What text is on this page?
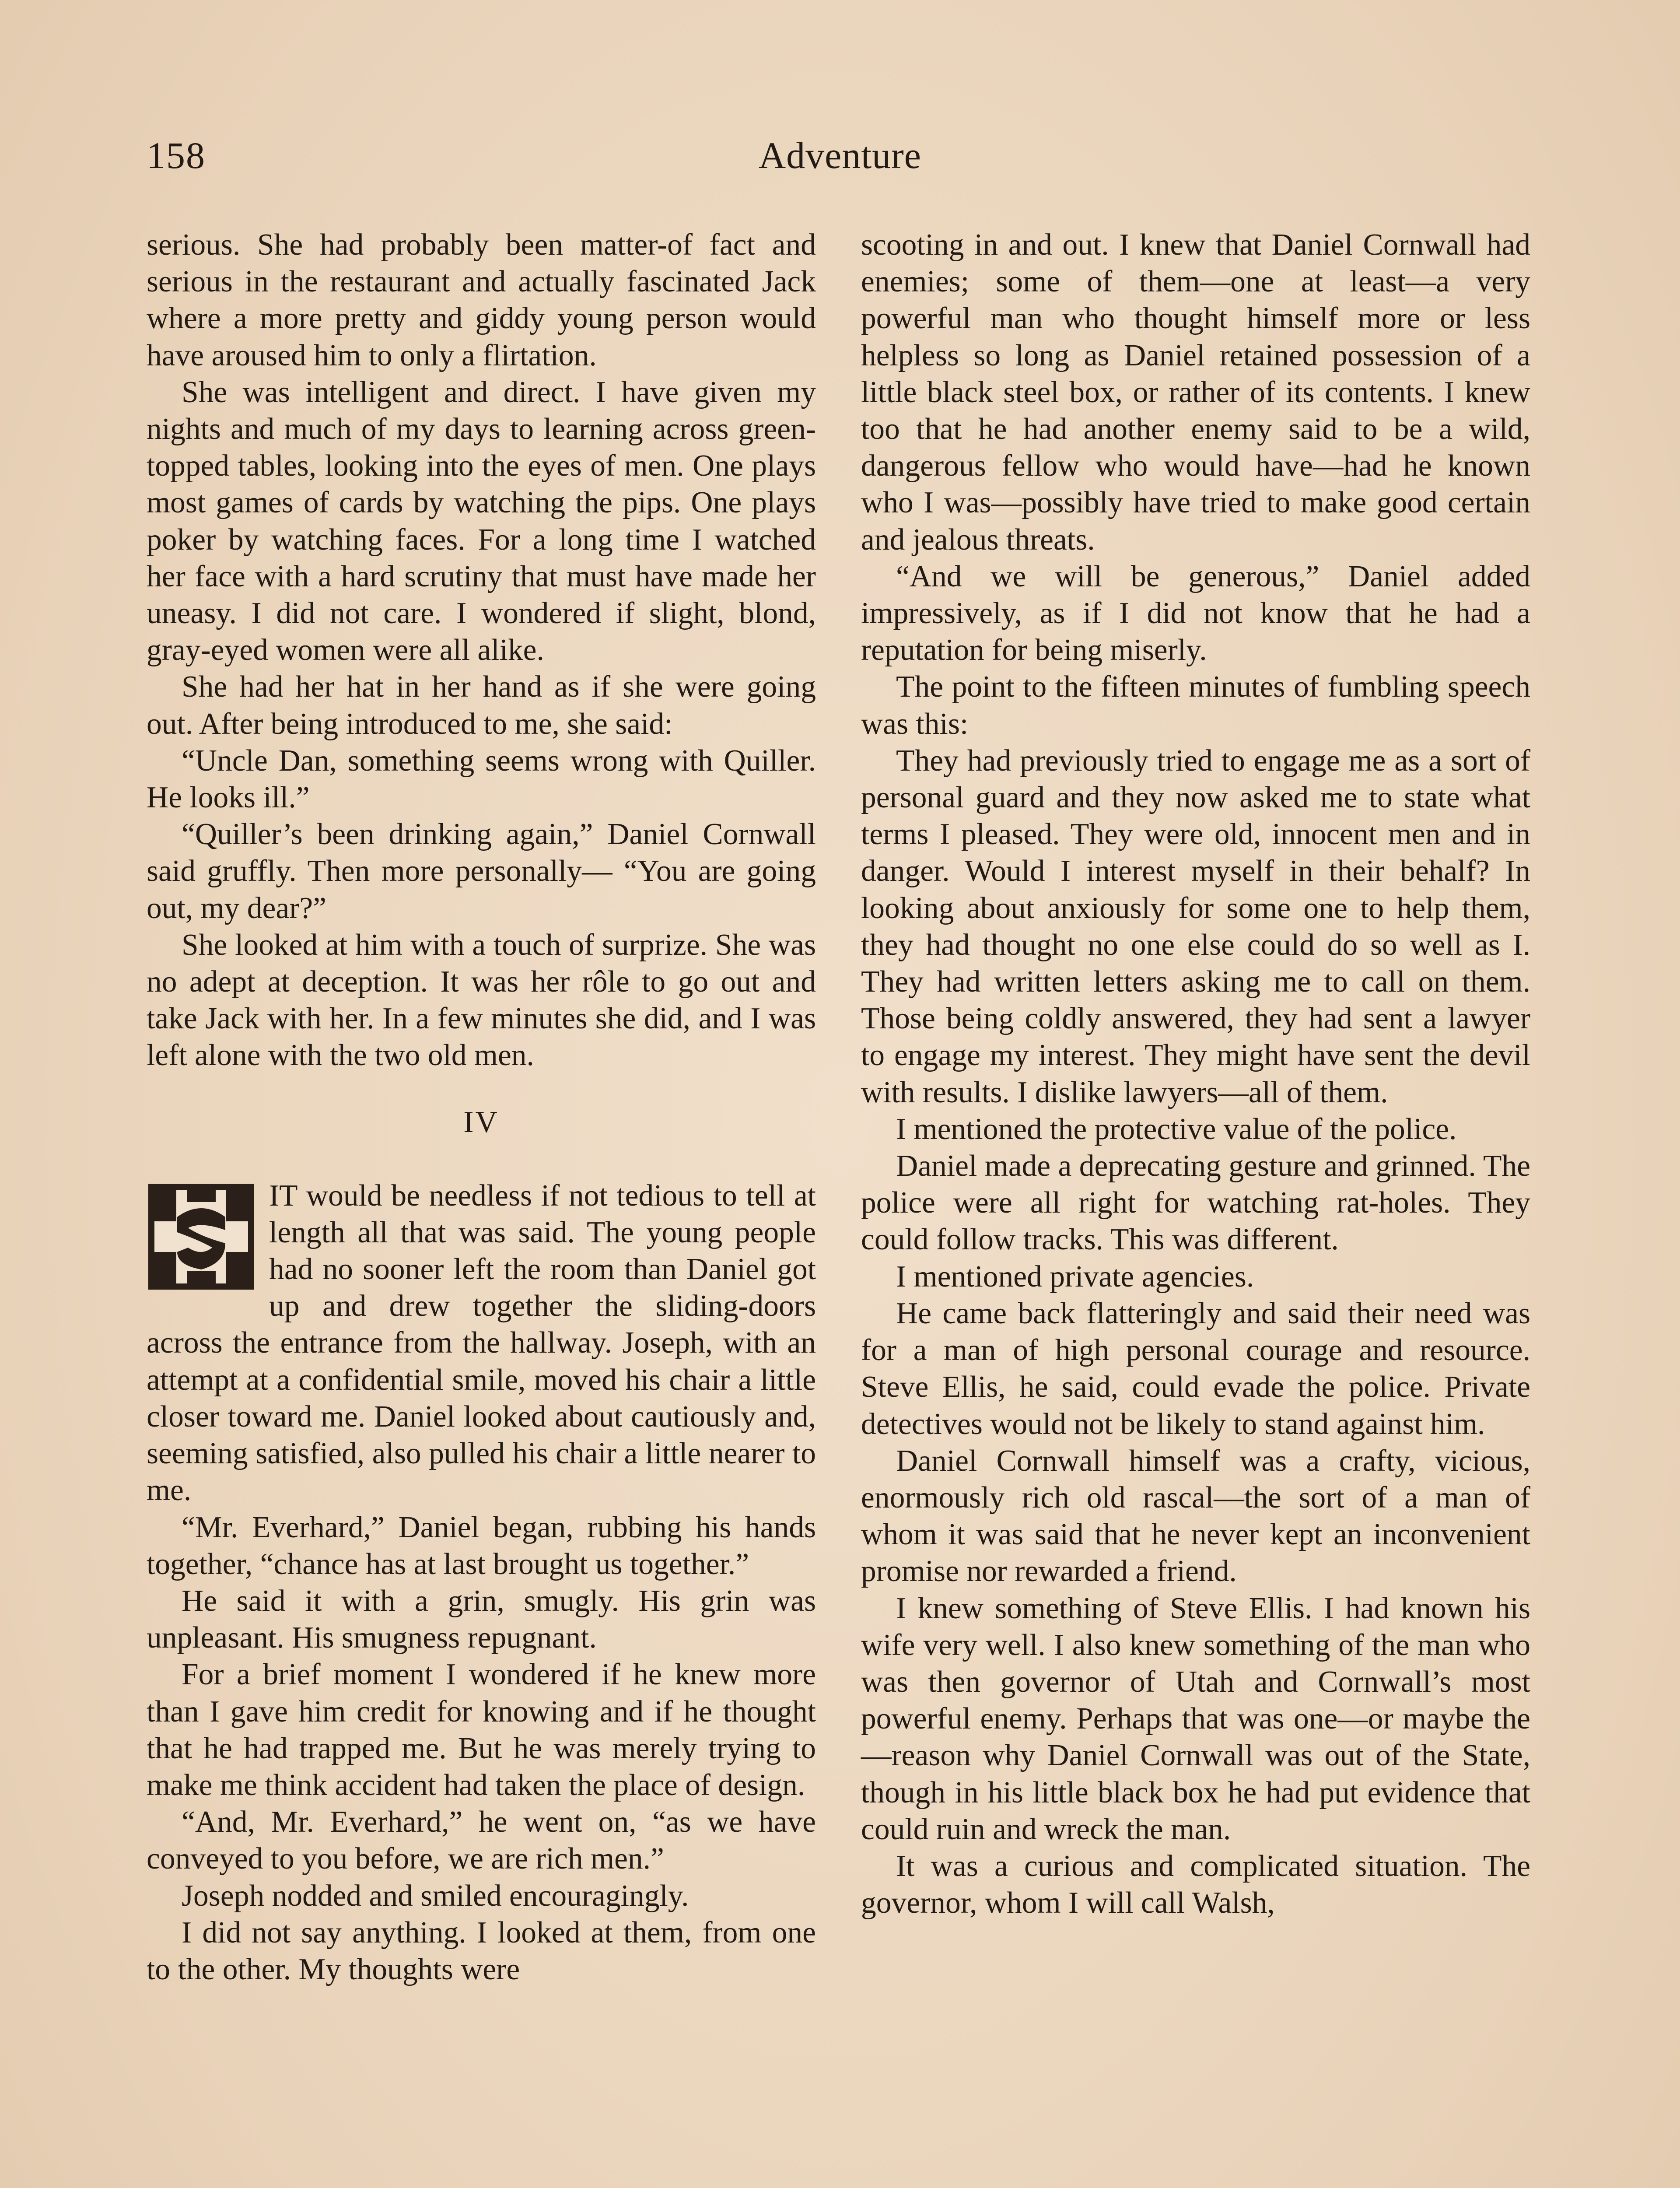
158	Adventure

serious. She had probably been matter-of fact and serious in the restaurant and actually fascinated Jack where a more pretty and giddy young person would have aroused him to only a flirtation.

She was intelligent and direct. I have given my nights and much of my days to learning across green-topped tables, looking into the eyes of men. One plays most games of cards by watching the pips. One plays poker by watching faces. For a long time I watched her face with a hard scrutiny that must have made her uneasy. I did not care. I wondered if slight, blond, gray-eyed women were all alike.

She had her hat in her hand as if she were going out. After being introduced to me, she said:

“Uncle Dan, something seems wrong with Quiller. He looks ill.”

“Quiller’s been drinking again,” Daniel Cornwall said gruffly. Then more personally— “You are going out, my dear?”

She looked at him with a touch of surprize. She was no adept at deception. It was her rôle to go out and take Jack with her. In a few minutes she did, and I was left alone with the two old men.

IV

IT would be needless if not tedious to tell at length all that was said. The young people had no sooner left the room than Daniel got up and drew together the sliding-doors across the entrance from the hallway. Joseph, with an attempt at a confidential smile, moved his chair a little closer toward me. Daniel looked about cautiously and, seeming satisfied, also pulled his chair a little nearer to me.

“Mr. Everhard,” Daniel began, rubbing his hands together, “chance has at last brought us together.”

He said it with a grin, smugly. His grin was unpleasant. His smugness repugnant.

For a brief moment I wondered if he knew more than I gave him credit for knowing and if he thought that he had trapped me. But he was merely trying to make me think accident had taken the place of design.

“And, Mr. Everhard,” he went on, “as we have conveyed to you before, we are rich men.”

Joseph nodded and smiled encouragingly.

I did not say anything. I looked at them, from one to the other. My thoughts were

scooting in and out. I knew that Daniel Cornwall had enemies; some of them—one at least—a very powerful man who thought himself more or less helpless so long as Daniel retained possession of a little black steel box, or rather of its contents. I knew too that he had another enemy said to be a wild, dangerous fellow who would have—had he known who I was—possibly have tried to make good certain and jealous threats.

“And we will be generous,” Daniel added impressively, as if I did not know that he had a reputation for being miserly.

The point to the fifteen minutes of fumbling speech was this:

They had previously tried to engage me as a sort of personal guard and they now asked me to state what terms I pleased. They were old, innocent men and in danger. Would I interest myself in their behalf? In looking about anxiously for some one to help them, they had thought no one else could do so well as I. They had written letters asking me to call on them. Those being coldly answered, they had sent a lawyer to engage my interest. They might have sent the devil with results. I dislike lawyers—all of them.

I mentioned the protective value of the police.

Daniel made a deprecating gesture and grinned. The police were all right for watching rat-holes. They could follow tracks. This was different.

I mentioned private agencies.

He came back flatteringly and said their need was for a man of high personal courage and resource. Steve Ellis, he said, could evade the police. Private detectives would not be likely to stand against him.

Daniel Cornwall himself was a crafty, vicious, enormously rich old rascal—the sort of a man of whom it was said that he never kept an inconvenient promise nor rewarded a friend.

I knew something of Steve Ellis. I had known his wife very well. I also knew something of the man who was then governor of Utah and Cornwall’s most powerful enemy. Perhaps that was one—or maybe the—reason why Daniel Cornwall was out of the State, though in his little black box he had put evidence that could ruin and wreck the man.

It was a curious and complicated situation. The governor, whom I will call Walsh,
